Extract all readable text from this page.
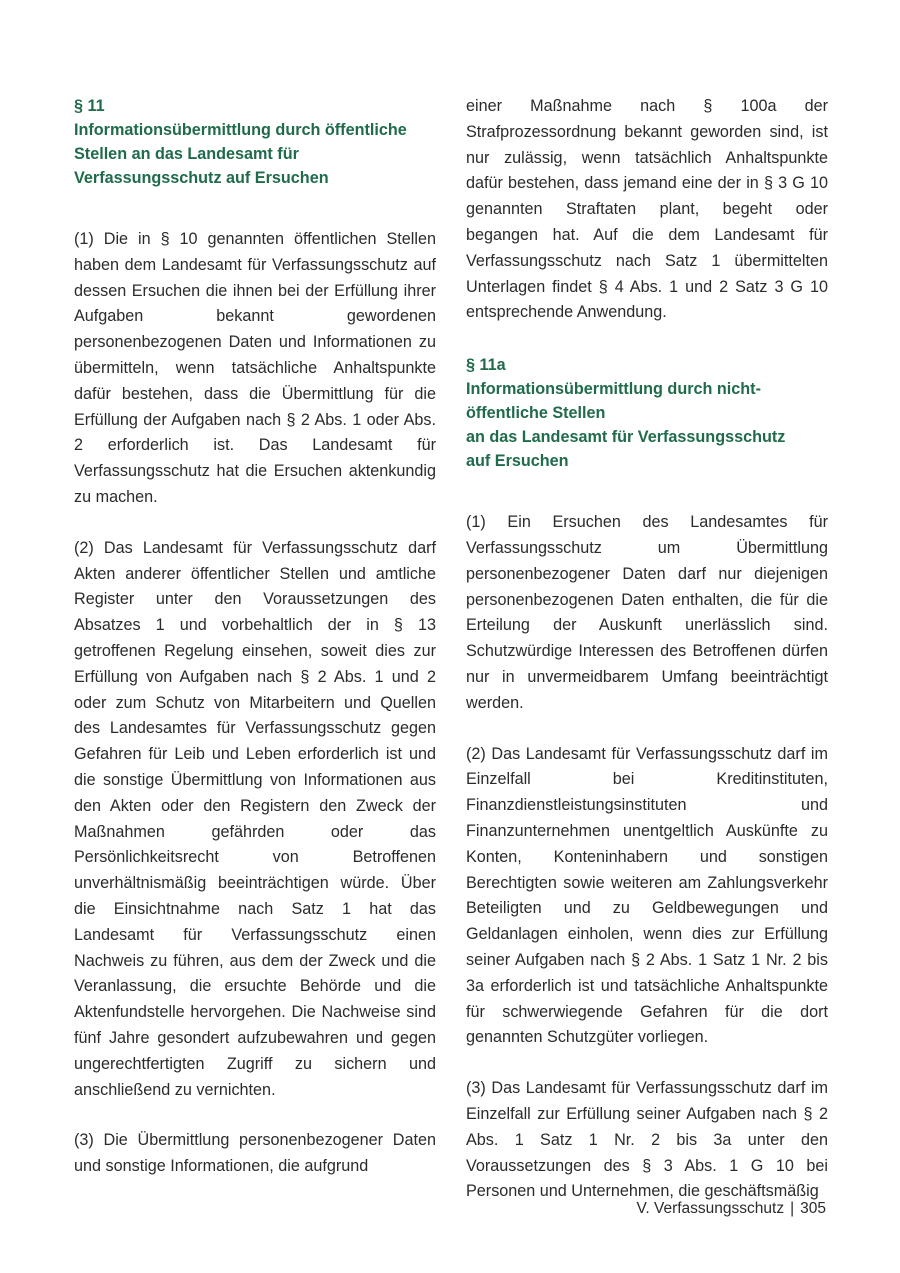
§ 11
Informationsübermittlung durch öffentliche Stellen an das Landesamt für Verfassungsschutz auf Ersuchen

(1) Die in § 10 genannten öffentlichen Stellen haben dem Landesamt für Verfassungsschutz auf dessen Ersuchen die ihnen bei der Erfüllung ihrer Aufgaben bekannt gewordenen personenbezogenen Daten und Informationen zu übermitteln, wenn tatsächliche Anhaltspunkte dafür bestehen, dass die Übermittlung für die Erfüllung der Aufgaben nach § 2 Abs. 1 oder Abs. 2 erforderlich ist. Das Landesamt für Verfassungsschutz hat die Ersuchen aktenkundig zu machen.

(2) Das Landesamt für Verfassungsschutz darf Akten anderer öffentlicher Stellen und amtliche Register unter den Voraussetzungen des Absatzes 1 und vorbehaltlich der in § 13 getroffenen Regelung einsehen, soweit dies zur Erfüllung von Aufgaben nach § 2 Abs. 1 und 2 oder zum Schutz von Mitarbeitern und Quellen des Landesamtes für Verfassungsschutz gegen Gefahren für Leib und Leben erforderlich ist und die sonstige Übermittlung von Informationen aus den Akten oder den Registern den Zweck der Maßnahmen gefährden oder das Persönlichkeitsrecht von Betroffenen unverhältnismäßig beeinträchtigen würde. Über die Einsichtnahme nach Satz 1 hat das Landesamt für Verfassungsschutz einen Nachweis zu führen, aus dem der Zweck und die Veranlassung, die ersuchte Behörde und die Aktenfundstelle hervorgehen. Die Nachweise sind fünf Jahre gesondert aufzubewahren und gegen ungerechtfertigten Zugriff zu sichern und anschließend zu vernichten.

(3) Die Übermittlung personenbezogener Daten und sonstige Informationen, die aufgrund

einer Maßnahme nach § 100a der Strafprozessordnung bekannt geworden sind, ist nur zulässig, wenn tatsächlich Anhaltspunkte dafür bestehen, dass jemand eine der in § 3 G 10 genannten Straftaten plant, begeht oder begangen hat. Auf die dem Landesamt für Verfassungsschutz nach Satz 1 übermittelten Unterlagen findet § 4 Abs. 1 und 2 Satz 3 G 10 entsprechende Anwendung.

§ 11a
Informationsübermittlung durch nicht-
öffentliche Stellen
an das Landesamt für Verfassungsschutz
auf Ersuchen

(1) Ein Ersuchen des Landesamtes für Verfassungsschutz um Übermittlung personenbezogener Daten darf nur diejenigen personenbezogenen Daten enthalten, die für die Erteilung der Auskunft unerlässlich sind. Schutzwürdige Interessen des Betroffenen dürfen nur in unvermeidbarem Umfang beeinträchtigt werden.

(2) Das Landesamt für Verfassungsschutz darf im Einzelfall bei Kreditinstituten, Finanzdienstleistungsinstituten und Finanzunternehmen unentgeltlich Auskünfte zu Konten, Konteninhabern und sonstigen Berechtigten sowie weiteren am Zahlungsverkehr Beteiligten und zu Geldbewegungen und Geldanlagen einholen, wenn dies zur Erfüllung seiner Aufgaben nach § 2 Abs. 1 Satz 1 Nr. 2 bis 3a erforderlich ist und tatsächliche Anhaltspunkte für schwerwiegende Gefahren für die dort genannten Schutzgüter vorliegen.

(3) Das Landesamt für Verfassungsschutz darf im Einzelfall zur Erfüllung seiner Aufgaben nach § 2 Abs. 1 Satz 1 Nr. 2 bis 3a unter den Voraussetzungen des § 3 Abs. 1 G 10 bei Personen und Unternehmen, die geschäftsmäßig

V. Verfassungsschutz | 305
